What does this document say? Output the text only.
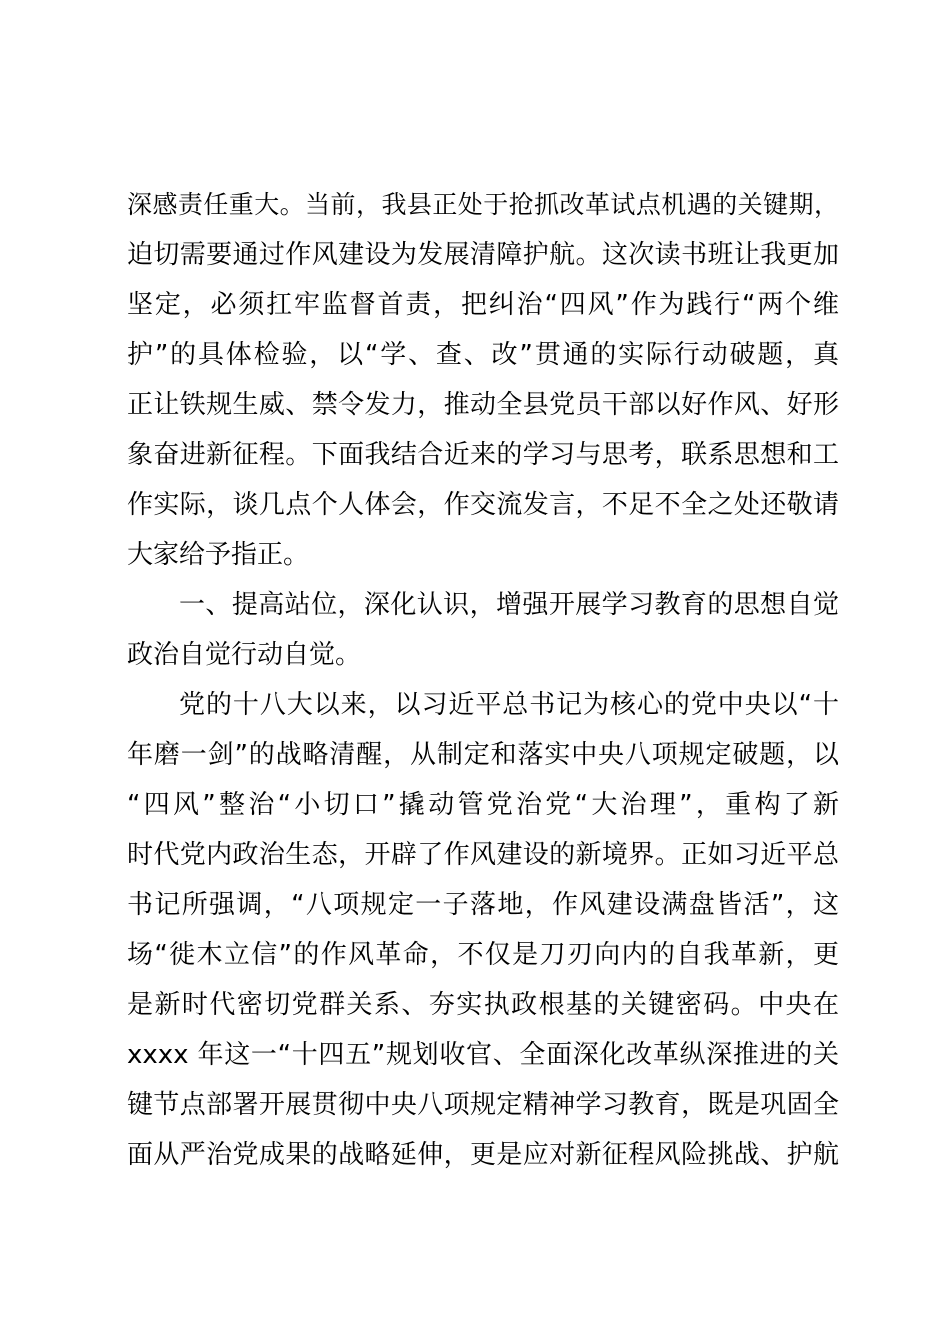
深感责任重大。当前，我县正处于抢抓改革试点机遇的关键期，
迫切需要通过作风建设为发展清障护航。这次读书班让我更加
坚定，必须扛牢监督首责，把纠治“四风”作为践行“两个维
护”的具体检验，以“学、查、改”贯通的实际行动破题，真
正让铁规生威、禁令发力，推动全县党员干部以好作风、好形
象奋进新征程。下面我结合近来的学习与思考，联系思想和工
作实际，谈几点个人体会，作交流发言，不足不全之处还敬请
大家给予指正。
一、提高站位，深化认识，增强开展学习教育的思想自觉
政治自觉行动自觉。
党的十八大以来，以习近平总书记为核心的党中央以“十
年磨一剑”的战略清醒，从制定和落实中央八项规定破题，以
“四风”整治“小切口”撬动管党治党“大治理”，重构了新
时代党内政治生态，开辟了作风建设的新境界。正如习近平总
书记所强调，“八项规定一子落地，作风建设满盘皆活”，这
场“徙木立信”的作风革命，不仅是刀刃向内的自我革新，更
是新时代密切党群关系、夯实执政根基的关键密码。中央在
xxxx 年这一“十四五”规划收官、全面深化改革纵深推进的关
键节点部署开展贯彻中央八项规定精神学习教育，既是巩固全
面从严治党成果的战略延伸，更是应对新征程风险挑战、护航
